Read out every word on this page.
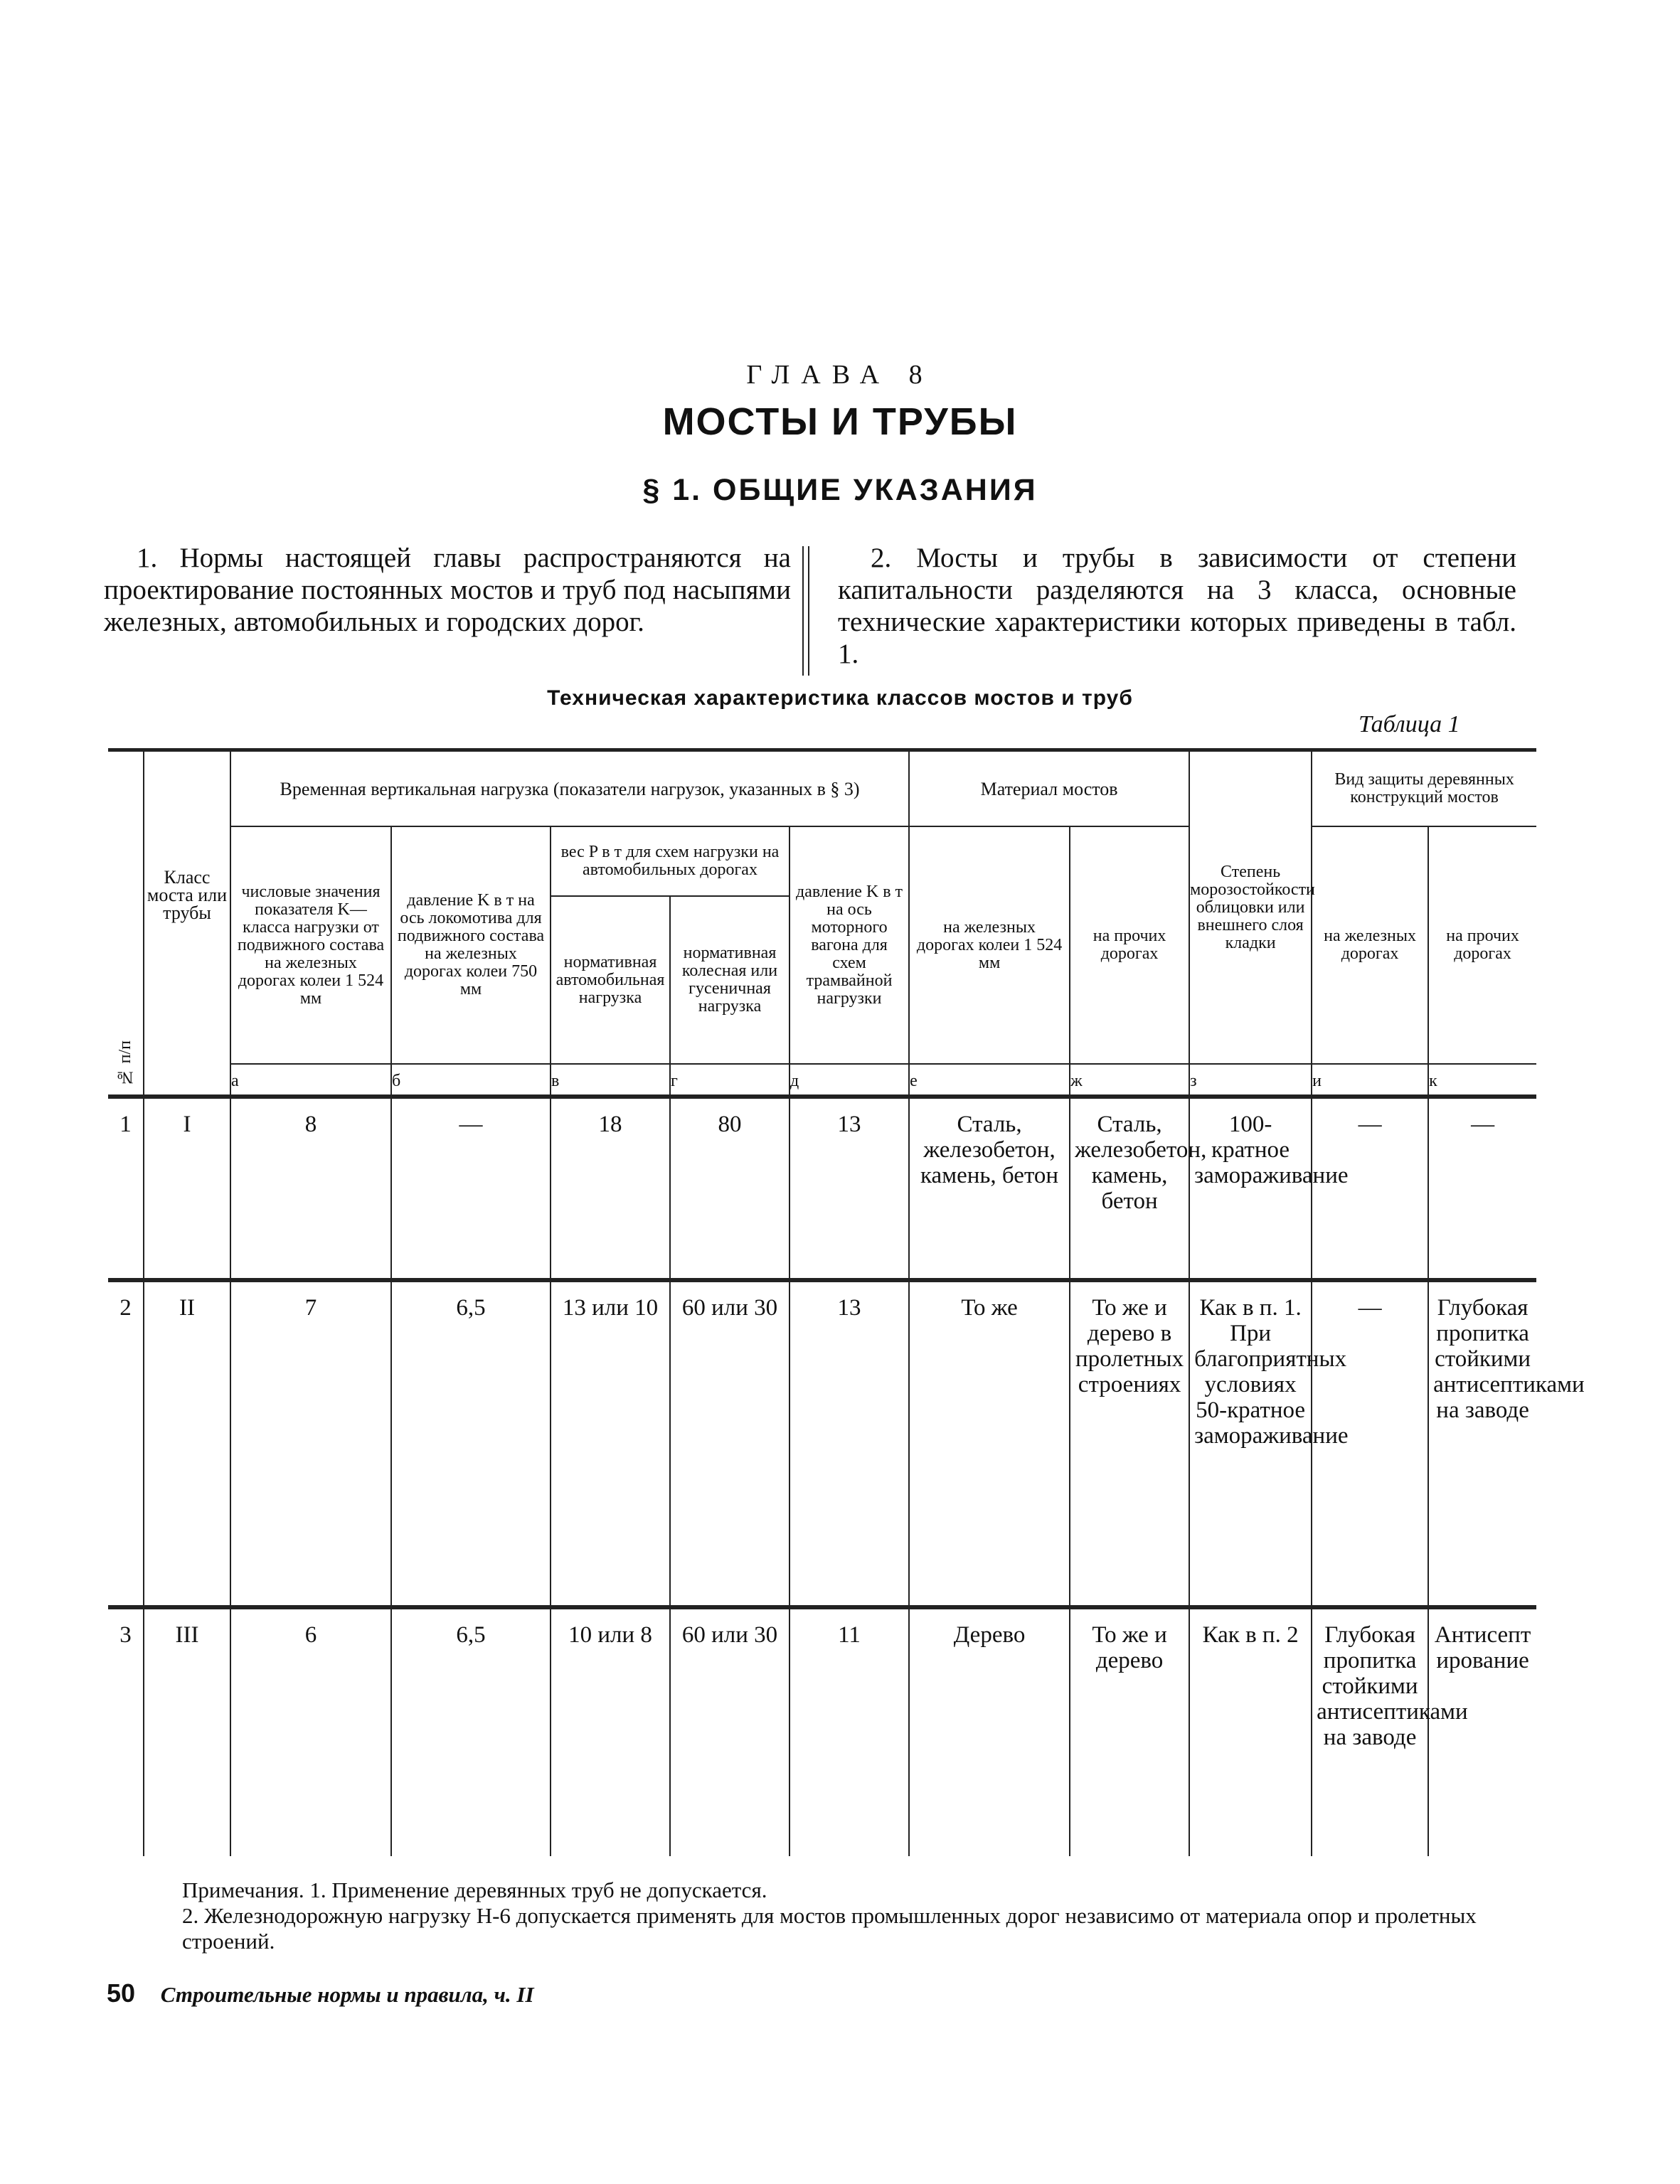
ГЛАВА 8
МОСТЫ И ТРУБЫ
§ 1. ОБЩИЕ УКАЗАНИЯ
1. Нормы настоящей главы распространяются на проектирование постоянных мостов и труб под насыпями железных, автомобильных и городских дорог.
2. Мосты и трубы в зависимости от степени капитальности разделяются на 3 класса, основные технические характеристики которых приведены в табл. 1.
Техническая характеристика классов мостов и труб
Таблица 1
№ п/п	Класс моста или трубы	Временная вертикальная нагрузка (показатели нагрузок, указанных в § 3)					Материал мостов		Степень морозостойкости облицовки или внешнего слоя кладки	Вид защиты деревянных конструкций мостов	
		числовые значения показателя K—класса нагрузки от подвижного состава на железных дорогах колеи 1 524 мм	давление K в т на ось локомотива для подвижного состава на железных дорогах колеи 750 мм	вес P в т для схем нагрузки на автомобильных дорогах		давление K в т на ось моторного вагона для схем трамвайной нагрузки	на железных дорогах колеи 1 524 мм	на прочих дорогах		на железных дорогах	на прочих дорогах
				нормативная автомобильная нагрузка	нормативная колесная или гусеничная нагрузка						
		а	б	в	г	д	е	ж	з	и	к
1	I	8	—	18	80	13	Сталь, железобетон, камень, бетон	Сталь, железобетон, камень, бетон	100-кратное замораживание	—	—
2	II	7	6,5	13 или 10	60 или 30	13	То же	То же и дерево в пролетных строениях	Как в п. 1. При благоприятных условиях 50-кратное замораживание	—	Глубокая пропитка стойкими антисептиками на заводе
3	III	6	6,5	10 или 8	60 или 30	11	Дерево	То же и дерево	Как в п. 2	Глубокая пропитка стойкими антисептиками на заводе	Антисептирование
Примечания. 1. Применение деревянных труб не допускается.
2. Железнодорожную нагрузку Н-6 допускается применять для мостов промышленных дорог независимо от материала опор и пролетных строений.
50 Строительные нормы и правила, ч. II
